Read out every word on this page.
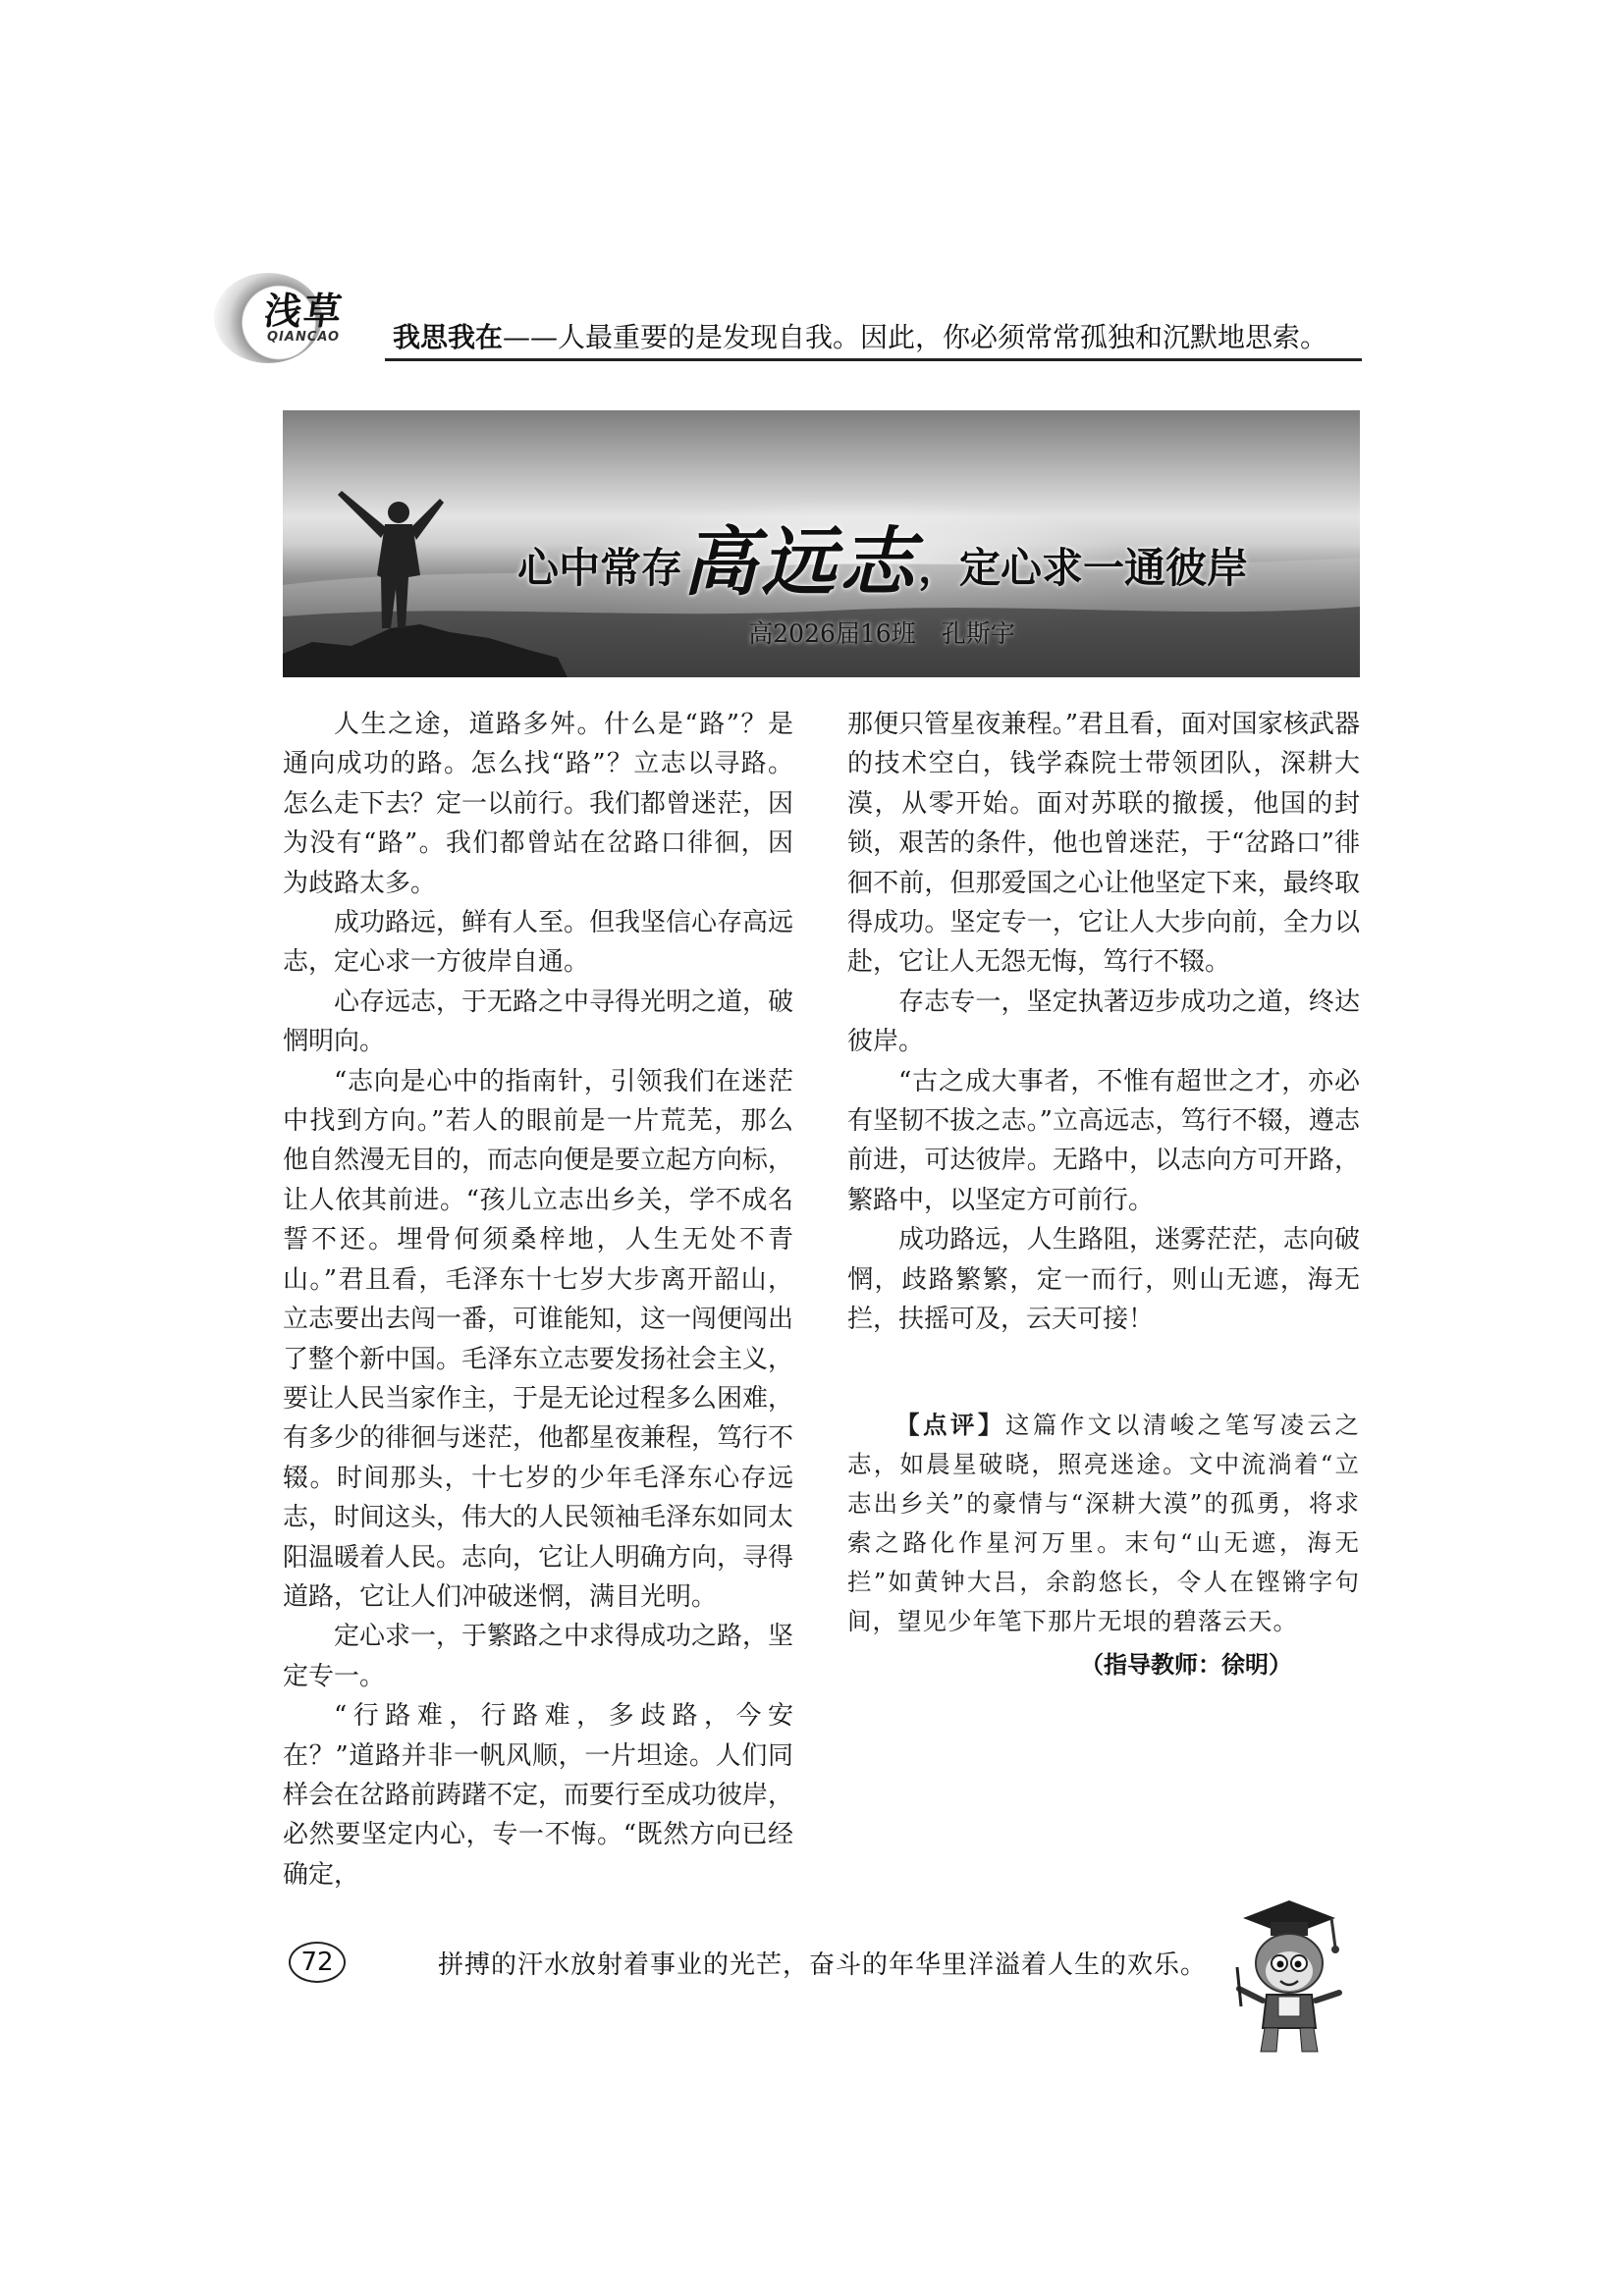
浅草
QIANCAO 我思我在——人最重要的是发现自我。因此，你必须常常孤独和沉默地思索。
心中常存高远志，定心求一通彼岸
高2026届16班 孔斯宇

人生之途，道路多舛。什么是“路”？是通向成功的路。怎么找“路”？立志以寻路。怎么走下去？定一以前行。我们都曾迷茫，因为没有“路”。我们都曾站在岔路口徘徊，因为歧路太多。

成功路远，鲜有人至。但我坚信心存高远志，定心求一方彼岸自通。

心存远志，于无路之中寻得光明之道，破惘明向。

“志向是心中的指南针，引领我们在迷茫中找到方向。”若人的眼前是一片荒芜，那么他自然漫无目的，而志向便是要立起方向标，让人依其前进。“孩儿立志出乡关，学不成名誓不还。埋骨何须桑梓地，人生无处不青山。”君且看，毛泽东十七岁大步离开韶山，立志要出去闯一番，可谁能知，这一闯便闯出了整个新中国。毛泽东立志要发扬社会主义，要让人民当家作主，于是无论过程多么困难，有多少的徘徊与迷茫，他都星夜兼程，笃行不辍。时间那头，十七岁的少年毛泽东心存远志，时间这头，伟大的人民领袖毛泽东如同太阳温暖着人民。志向，它让人明确方向，寻得道路，它让人们冲破迷惘，满目光明。

定心求一，于繁路之中求得成功之路，坚定专一。

“行路难，行路难，多歧路，今安在？”道路并非一帆风顺，一片坦途。人们同样会在岔路前踌躇不定，而要行至成功彼岸，必然要坚定内心，专一不悔。“既然方向已经确定，

那便只管星夜兼程。”君且看，面对国家核武器的技术空白，钱学森院士带领团队，深耕大漠，从零开始。面对苏联的撤援，他国的封锁，艰苦的条件，他也曾迷茫，于“岔路口”徘徊不前，但那爱国之心让他坚定下来，最终取得成功。坚定专一，它让人大步向前，全力以赴，它让人无怨无悔，笃行不辍。

存志专一，坚定执著迈步成功之道，终达彼岸。

“古之成大事者，不惟有超世之才，亦必有坚韧不拔之志。”立高远志，笃行不辍，遵志前进，可达彼岸。无路中，以志向方可开路，繁路中，以坚定方可前行。

成功路远，人生路阻，迷雾茫茫，志向破惘，歧路繁繁，定一而行，则山无遮，海无拦，扶摇可及，云天可接！

【点评】这篇作文以清峻之笔写凌云之志，如晨星破晓，照亮迷途。文中流淌着“立志出乡关”的豪情与“深耕大漠”的孤勇，将求索之路化作星河万里。末句“山无遮，海无拦”如黄钟大吕，余韵悠长，令人在铿锵字句间，望见少年笔下那片无垠的碧落云天。

（指导教师：徐明）
72	拼搏的汗水放射着事业的光芒，奋斗的年华里洋溢着人生的欢乐。
